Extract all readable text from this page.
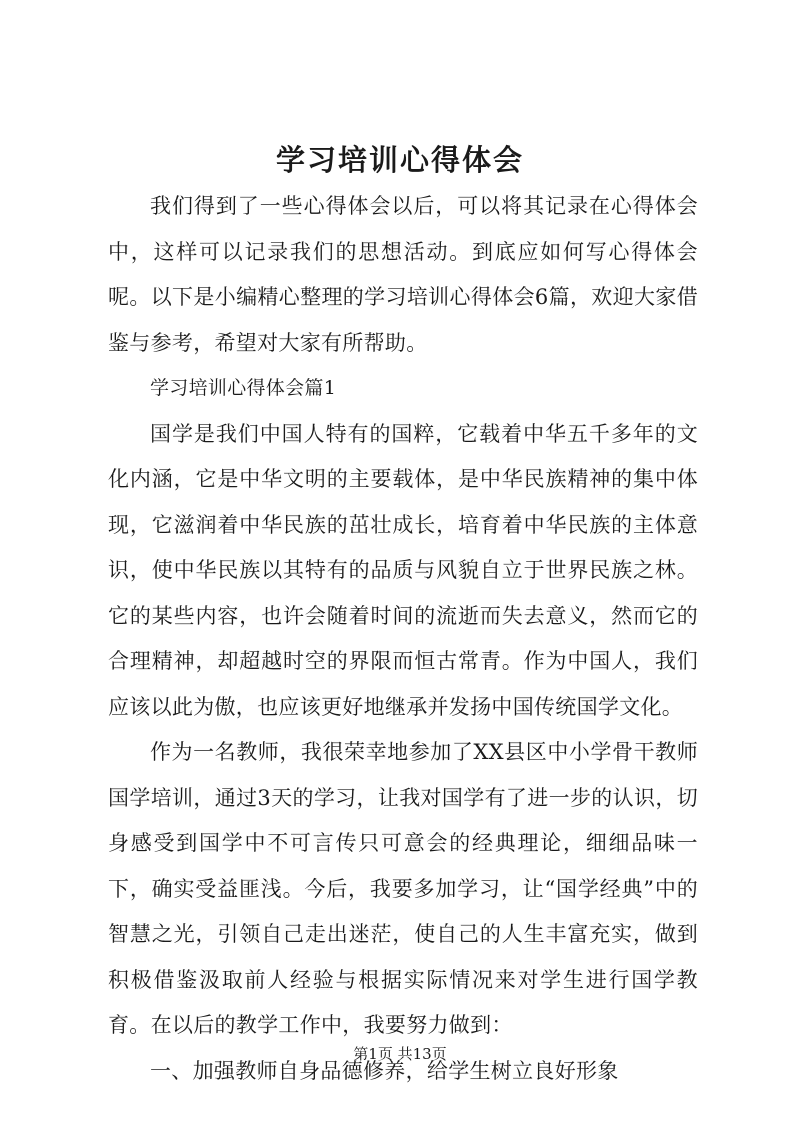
学习培训心得体会

我们得到了一些心得体会以后，可以将其记录在心得体会中，这样可以记录我们的思想活动。到底应如何写心得体会呢。以下是小编精心整理的学习培训心得体会6篇，欢迎大家借鉴与参考，希望对大家有所帮助。

学习培训心得体会篇1

国学是我们中国人特有的国粹，它载着中华五千多年的文化内涵，它是中华文明的主要载体，是中华民族精神的集中体现，它滋润着中华民族的茁壮成长，培育着中华民族的主体意识，使中华民族以其特有的品质与风貌自立于世界民族之林。它的某些内容，也许会随着时间的流逝而失去意义，然而它的合理精神，却超越时空的界限而恒古常青。作为中国人，我们应该以此为傲，也应该更好地继承并发扬中国传统国学文化。

作为一名教师，我很荣幸地参加了XX县区中小学骨干教师国学培训，通过3天的学习，让我对国学有了进一步的认识，切身感受到国学中不可言传只可意会的经典理论，细细品味一下，确实受益匪浅。今后，我要多加学习，让“国学经典”中的智慧之光，引领自己走出迷茫，使自己的人生丰富充实，做到积极借鉴汲取前人经验与根据实际情况来对学生进行国学教育。在以后的教学工作中，我要努力做到：

一、加强教师自身品德修养，给学生树立良好形象

第1页 共13页
